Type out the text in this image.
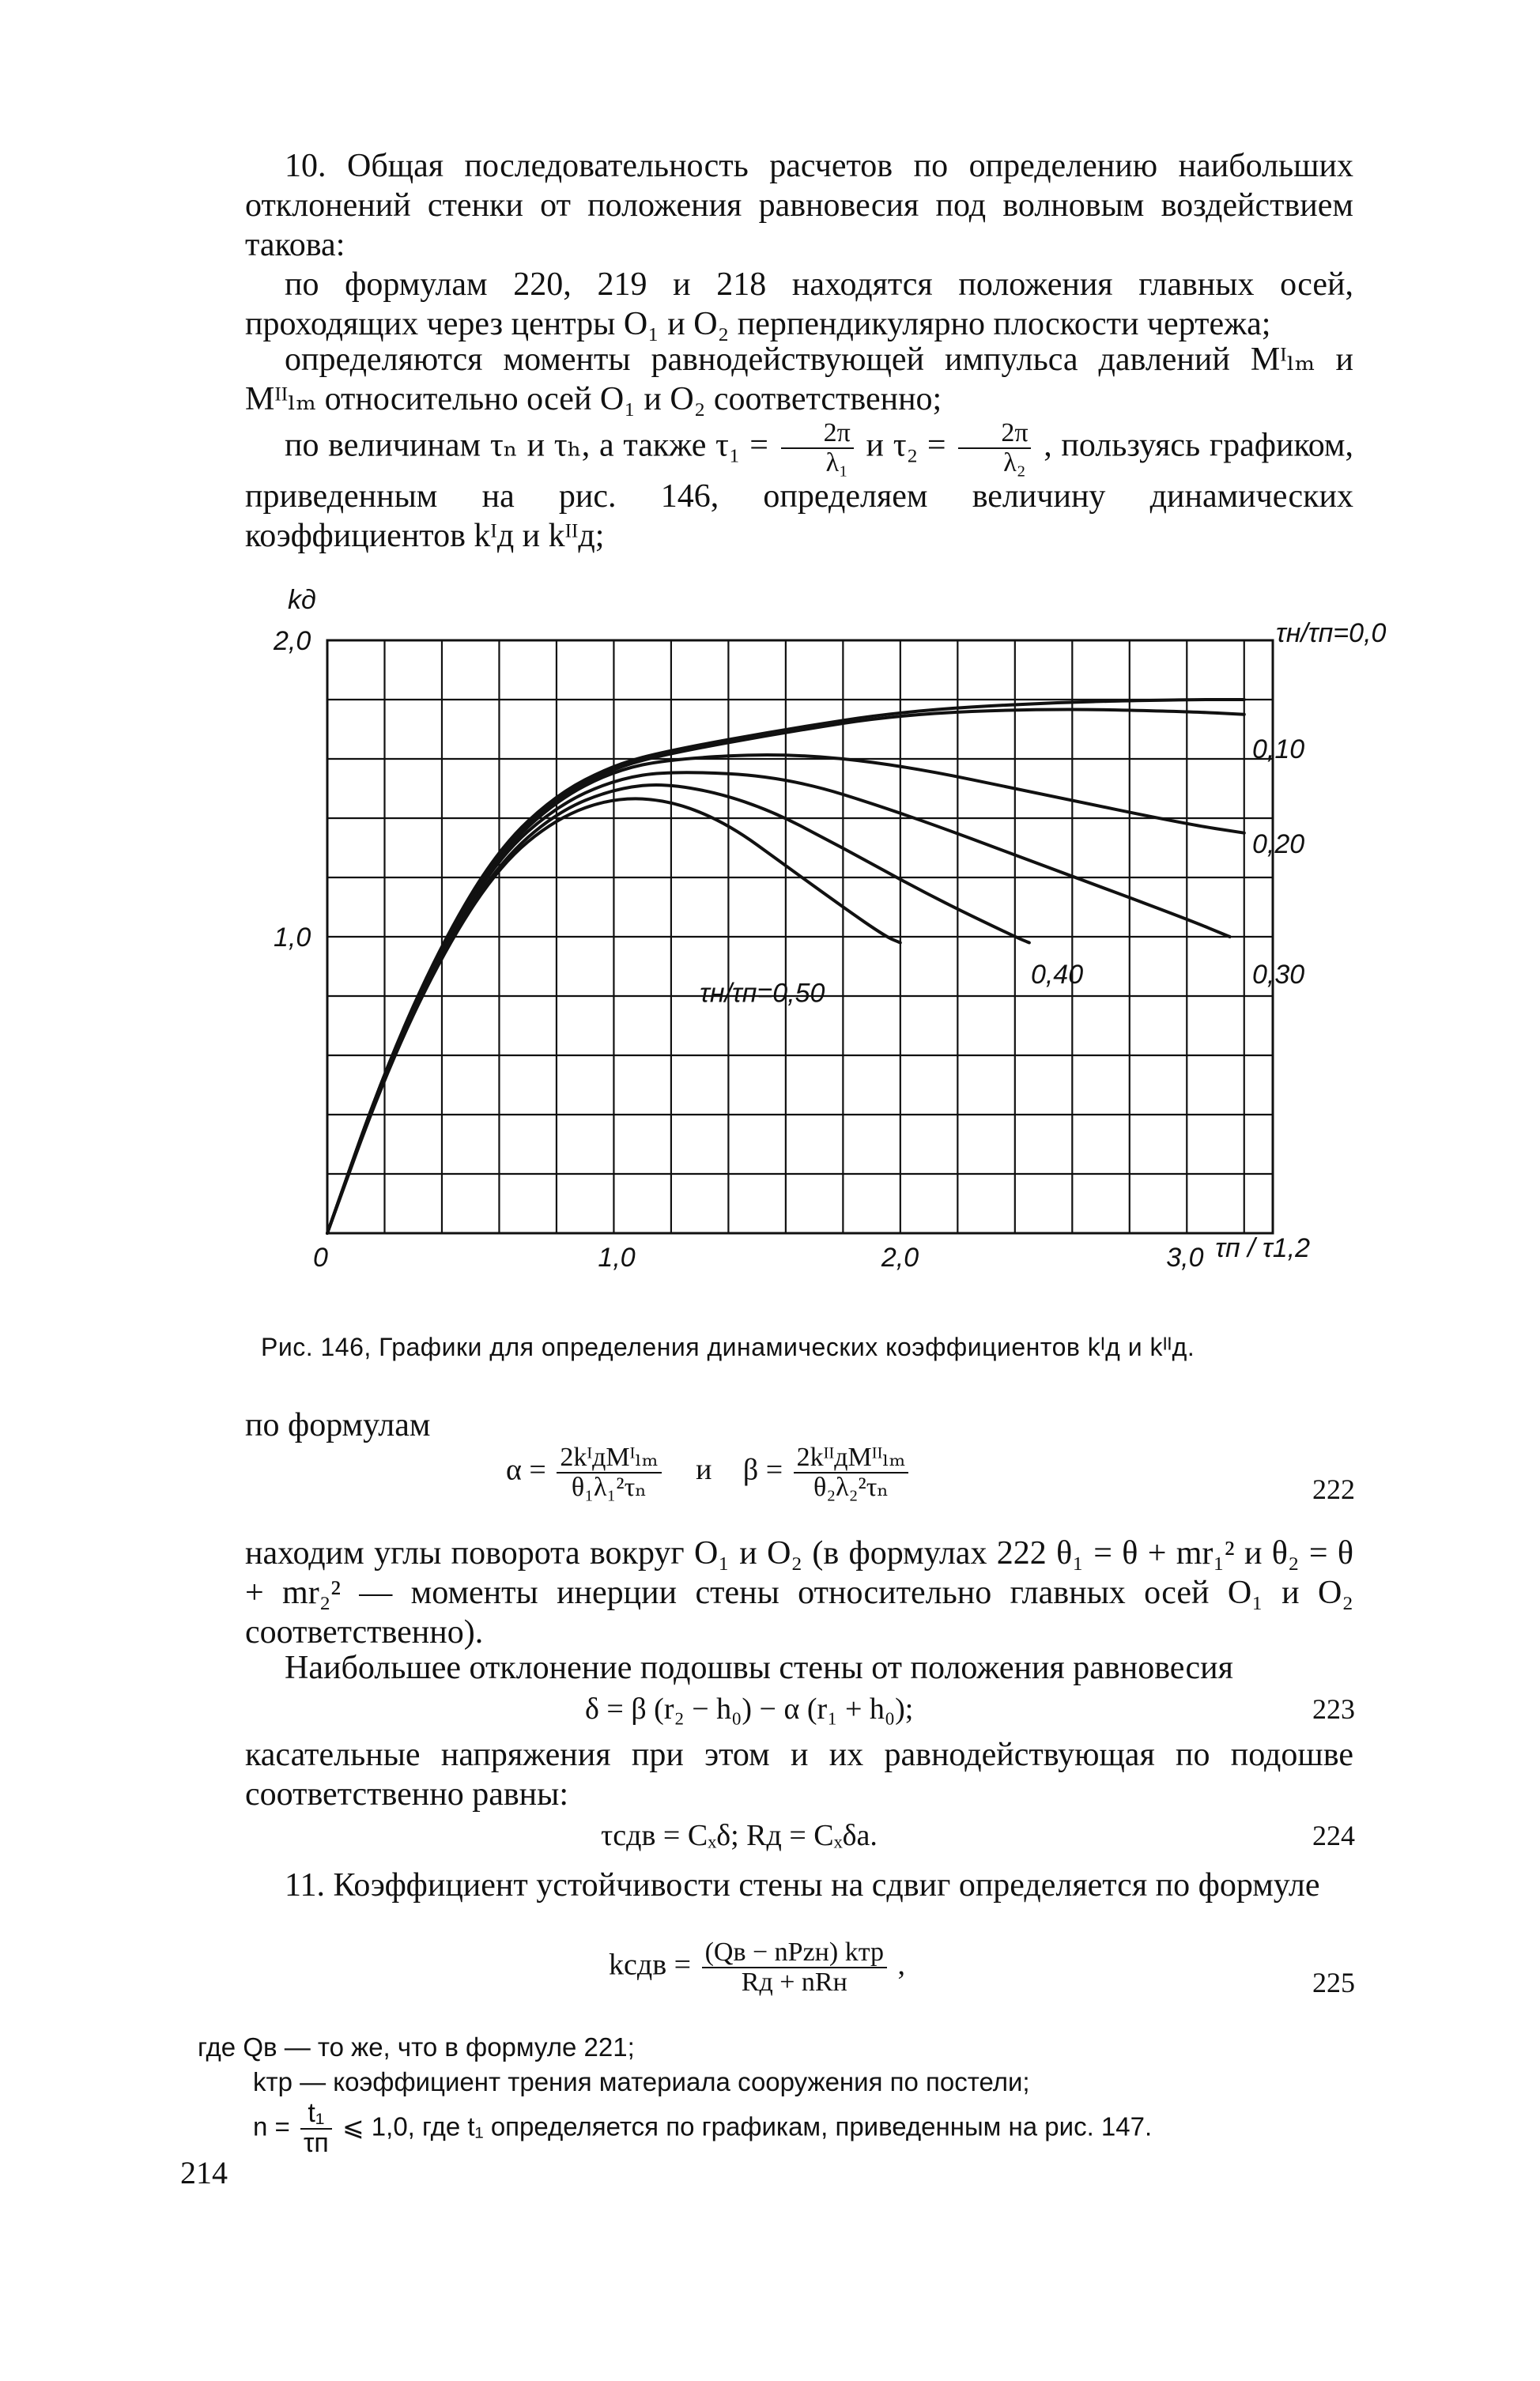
10. Общая последовательность расчетов по определению наибольших отклонений стенки от положения равновесия под волновым воздействием такова:
по формулам 220, 219 и 218 находятся положения главных осей, проходящих через центры O₁ и O₂ перпендикулярно плоскости чертежа;
определяются моменты равнодействующей импульса давлений Mᴵₗₘ и Mᴵᴵₗₘ относительно осей O₁ и O₂ соответственно;
по величинам τₙ и τₕ, а также $\tau_1 = \frac{2\pi}{\text{λ₁}}$ и $\tau_2 = \frac{2\pi}{\text{λ₂}}$ , пользуясь графиком, приведенным на рис. 146, определяем величину динамических коэффициентов kᴵд и kᴵᴵд;
kд
2,0
1,0
0	1,0	2,0	3,0 τп / τ1,2
τн/τп=0,0
0,10
0,20
0,30
0,40
τн/τп=0,50
Рис. 146, Графики для определения динамических коэффициентов kᴵд и kᴵᴵд.
по формулам
$\alpha = \frac{\text{2kᴵдMᴵₗₘ}}{\text{θ₁λ₁²τₙ}}$ и $\beta = \frac{\text{2kᴵᴵдMᴵᴵₗₘ}}{\text{θ₂λ₂²τₙ}}$	222
находим углы поворота вокруг O₁ и O₂ (в формулах 222 θ₁ = θ + mr₁² и θ₂ = θ + mr₂² — моменты инерции стены относительно главных осей O₁ и O₂ соответственно).
Наибольшее отклонение подошвы стены от положения равновесия
δ = β (r₂ − h₀) − α (r₁ + h₀);	223
касательные напряжения при этом и их равнодействующая по подошве соответственно равны:
τсдв = Cₓδ; Rд = Cₓδa.	224
11. Коэффициент устойчивости стены на сдвиг определяется по формуле
kсдв = $\frac{\text{(Qв − nPzн) kтр}}{\text{Rд + nRн}}$ ,
225
где Qв — то же, что в формуле 221;
kтр — коэффициент трения материала сооружения по постели;
$n = \frac{\text{t₁}}{\tau п}$ ⩽ 1,0, где t₁ определяется по графикам, приведенным на рис. 147.
214
